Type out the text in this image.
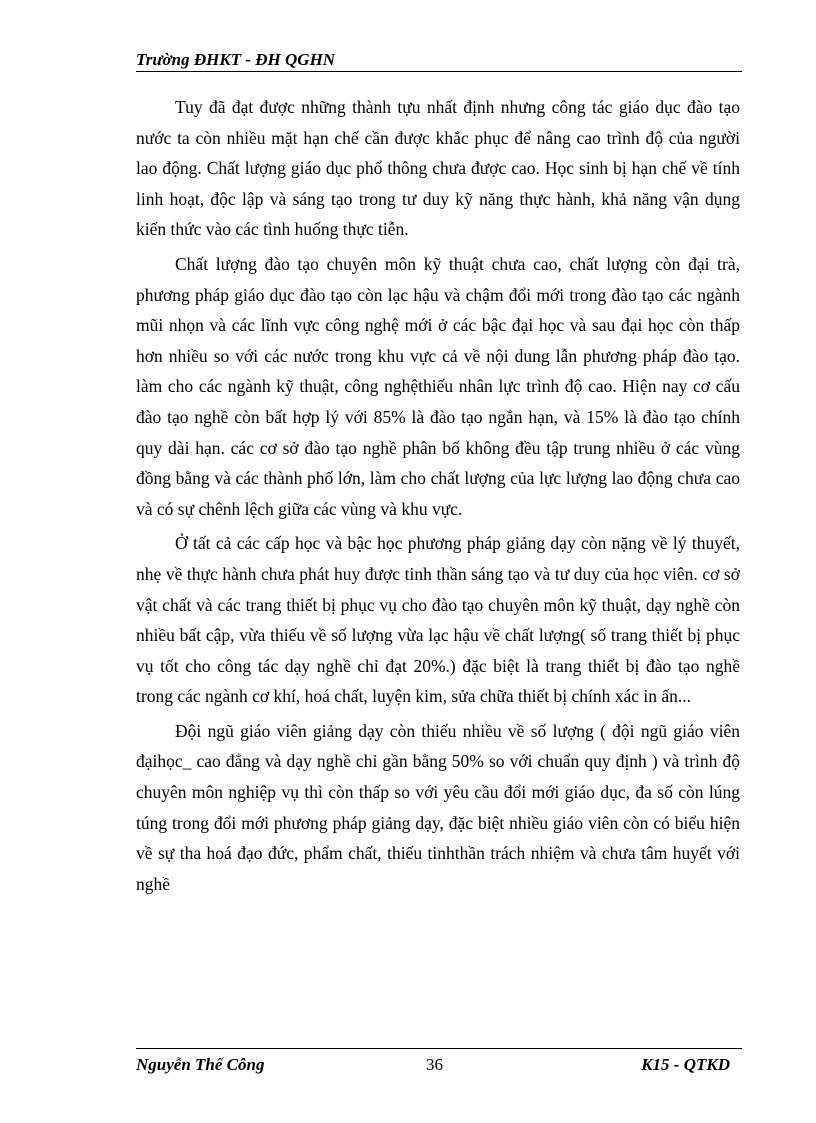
Trường ĐHKT - ĐH QGHN

Tuy đã đạt được những thành tựu nhất định nhưng công tác giáo dục đào tạo nước ta còn nhiều mặt hạn chế cần được khắc phục để nâng cao trình độ của người lao động. Chất lượng giáo dục phổ thông chưa được cao. Học sinh bị hạn chế về tính linh hoạt, độc lập và sáng tạo trong tư duy kỹ năng thực hành, khả năng vận dụng kiến thức vào các tình huống thực tiễn.

Chất lượng đào tạo chuyên môn kỹ thuật chưa cao, chất lượng còn đại trà, phương pháp giáo dục đào tạo còn lạc hậu và chậm đổi mới trong đào tạo các ngành mũi nhọn và các lĩnh vực công nghệ mới ở các bậc đại học và sau đại học còn thấp hơn nhiều so với các nước trong khu vực cả về nội dung lẫn phương pháp đào tạo. làm cho các ngành kỹ thuật, công nghệthiếu nhân lực trình độ cao. Hiện nay cơ cấu đào tạo nghề còn bất hợp lý với 85% là đào tạo ngắn hạn, và 15% là đào tạo chính quy dài hạn. các cơ sở đào tạo nghề phân bố không đều tập trung nhiều ở các vùng đồng bằng và các thành phố lớn, làm cho chất lượng của lực lượng lao động chưa cao và có sự chênh lệch giữa các vùng và khu vực.

Ở tất cả các cấp học và bậc học phương pháp giảng dạy còn nặng về lý thuyết, nhẹ về thực hành chưa phát huy được tinh thần sáng tạo và tư duy của học viên. cơ sở vật chất và các trang thiết bị phục vụ cho đào tạo chuyên môn kỹ thuật, dạy nghề còn nhiều bất cập, vừa thiếu về số lượng vừa lạc hậu về chất lượng( số trang thiết bị phục vụ tốt cho công tác dạy nghề chỉ đạt 20%.) đặc biệt là trang thiết bị đào tạo nghề trong các ngành cơ khí, hoá chất, luyện kim, sửa chữa thiết bị chính xác in ấn...

Đội ngũ giáo viên giảng dạy còn thiếu nhiều về số lượng ( đội ngũ giáo viên đạihọc_ cao đẳng và dạy nghề chỉ gần bằng 50% so với chuẩn quy định ) và trình độ chuyên môn nghiệp vụ thì còn thấp so với yêu cầu đổi mới giáo dục, đa số còn lúng túng trong đổi mới phương pháp giảng dạy, đặc biệt nhiều giáo viên còn có biểu hiện về sự tha hoá đạo đức, phẩm chất, thiếu tinhthần trách nhiệm và chưa tâm huyết với nghề

Nguyễn Thế Công	36	K15 - QTKD
